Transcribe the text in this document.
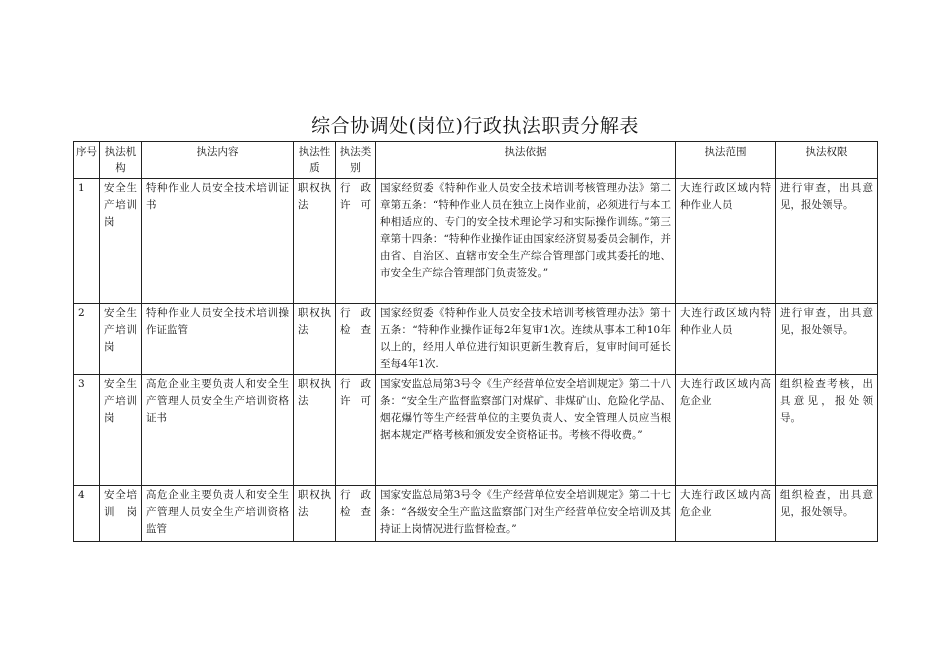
综合协调处(岗位)行政执法职责分解表
序号	执法机构	执法内容	执法性质	执法类别	执法依据	执法范围	执法权限
1	安全生产培训岗	特种作业人员安全技术培训证书	职权执法	行政许可	国家经贸委《特种作业人员安全技术培训考核管理办法》第二章第五条：“特种作业人员在独立上岗作业前，必须进行与本工种相适应的、专门的安全技术理论学习和实际操作训练。”第三章第十四条：“特种作业操作证由国家经济贸易委员会制作，并由省、自治区、直辖市安全生产综合管理部门或其委托的地、市安全生产综合管理部门负责签发。”	大连行政区域内特种作业人员	进行审查，出具意见，报处领导。
2	安全生产培训岗	特种作业人员安全技术培训操作证监管	职权执法	行政检查	国家经贸委《特种作业人员安全技术培训考核管理办法》第十五条：“特种作业操作证每2年复审1次。连续从事本工种10年以上的，经用人单位进行知识更新生教育后，复审时间可延长至每4年1次.	大连行政区域内特种作业人员	进行审查，出具意见，报处领导。
3	安全生产培训岗	高危企业主要负责人和安全生产管理人员安全生产培训资格证书	职权执法	行政许可	国家安监总局第3号令《生产经营单位安全培训规定》第二十八条：“安全生产监督监察部门对煤矿、非煤矿山、危险化学品、烟花爆竹等生产经营单位的主要负责人、安全管理人员应当根据本规定严格考核和颁发安全资格证书。考核不得收费。”	大连行政区域内高危企业	组织检查考核，出具意见，报处领导。
4	安全培训岗	高危企业主要负责人和安全生产管理人员安全生产培训资格监管	职权执法	行政检查	国家安监总局第3号令《生产经营单位安全培训规定》第二十七条：“各级安全生产监这监察部门对生产经营单位安全培训及其持证上岗情况进行监督检查。”	大连行政区域内高危企业	组织检查，出具意见，报处领导。
